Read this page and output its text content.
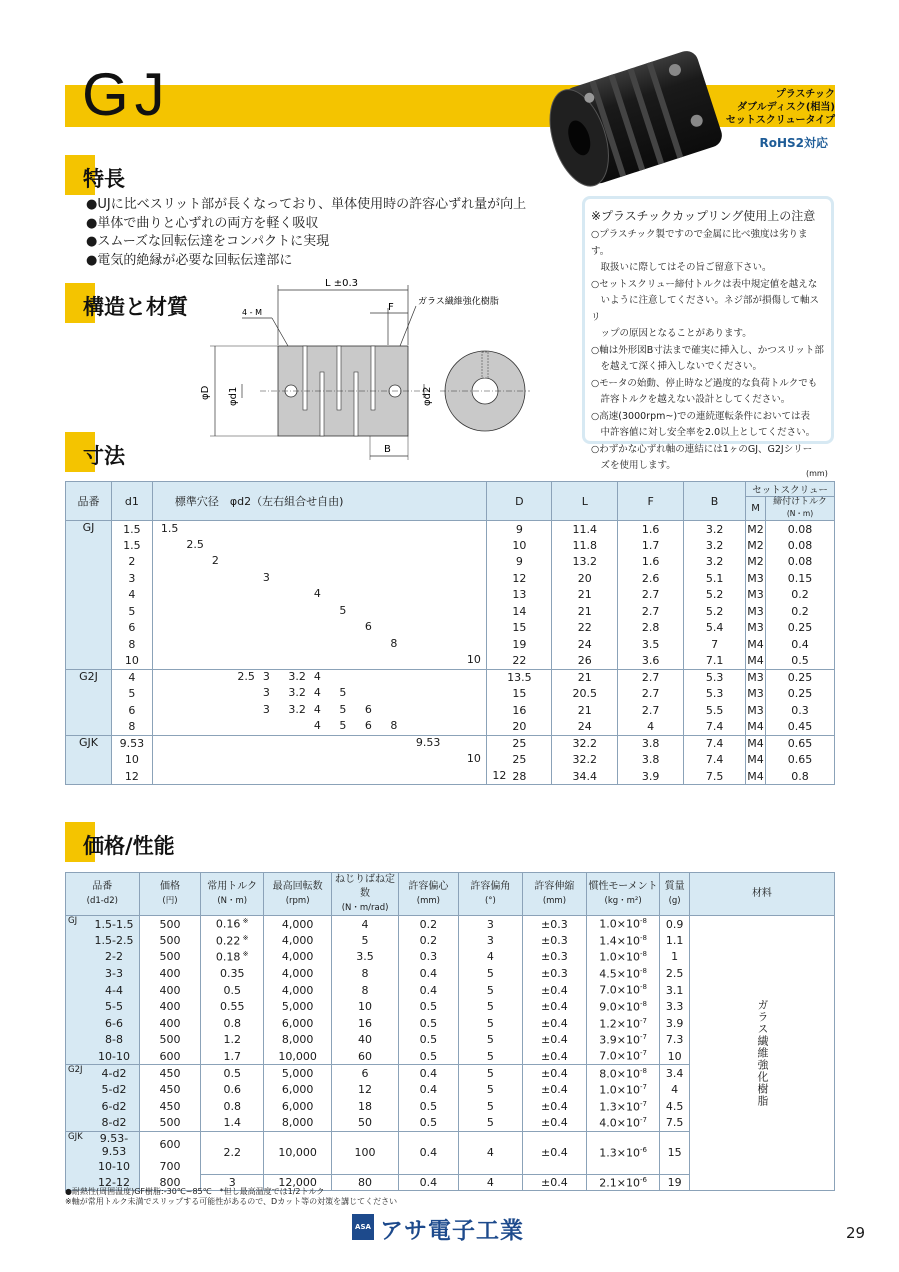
GJ	プラスチック
ダブルディスク(相当)
セットスクリュータイプ
RoHS2対応
特長
●UJに比べスリット部が長くなっており、単体使用時の許容心ずれ量が向上
●単体で曲りと心ずれの両方を軽く吸収
●スムーズな回転伝達をコンパクトに実現
●電気的絶縁が必要な回転伝達部に
構造と材質
L ±0.3
F	ガラス繊維強化樹脂
4 - M
φD φd1	φd2
B
※プラスチックカップリング使用上の注意
○プラスチック製ですので金属に比べ強度は劣ります。
　取扱いに際してはその旨ご留意下さい。
○セットスクリュー締付トルクは表中規定値を越えな
　いように注意してください。ネジ部が損傷して軸スリ
　ップの原因となることがあります。
○軸は外形図B寸法まで確実に挿入し、かつスリット部
　を越えて深く挿入しないでください。
○モータの始動、停止時など過度的な負荷トルクでも
　許容トルクを越えない設計としてください。
○高速(3000rpm~)での連続運転条件においては表
　中許容値に対し安全率を2.0以上としてください。
○わずかな心ずれ軸の連結には1ヶのGJ、G2Jシリー
　ズを使用します。
寸法
(mm)
品番	d1	標準穴径　φd2（左右組合せ自由)	D	L	F	B	セットスクリュー	
							M	締付けトルク
(N・m)
GJ	1.5	1.5	9	11.4	1.6	3.2	M2	0.08
	1.5	2.5	10	11.8	1.7	3.2	M2	0.08
	2	2	9	13.2	1.6	3.2	M2	0.08
	3	3	12	20	2.6	5.1	M3	0.15
	4	4	13	21	2.7	5.2	M3	0.2
	5	5	14	21	2.7	5.2	M3	0.2
	6	6	15	22	2.8	5.4	M3	0.25
	8	8	19	24	3.5	7	M4	0.4
	10	10	22	26	3.6	7.1	M4	0.5
G2J	4	2.5 3 3.2 4	13.5	21	2.7	5.3	M3	0.25
	5	3 3.2 4 5	15	20.5	2.7	5.3	M3	0.25
	6	3 3.2 4 5 6	16	21	2.7	5.5	M3	0.3
	8	4 5 6 8	20	24	4	7.4	M4	0.45
GJK	9.53	9.53	25	32.2	3.8	7.4	M4	0.65
	10	10	25	32.2	3.8	7.4	M4	0.65
	12	12	28	34.4	3.9	7.5	M4	0.8
価格/性能
品番
(d1-d2)		価格
(円)	常用トルク
(N・m)	最高回転数
(rpm)	ねじりばね定数
(N・m/rad)	許容偏心
(mm)	許容偏角
(°)	許容伸縮
(mm)	慣性モーメント
(kg・m²)	質量
(g)	材料
GJ	1.5-1.5	500	0.16 ※	4,000	4	0.2	3	±0.3	$1.0\times 10^{-8}$	0.9	ガラス繊維強化樹脂
	1.5-2.5	500	0.22 ※	4,000	5	0.2	3	±0.3	$1.4\times 10^{-8}$	1.1	
	2-2	500	0.18 ※	4,000	3.5	0.3	4	±0.3	$1.0\times 10^{-8}$	1	
	3-3	400	0.35	4,000	8	0.4	5	±0.3	$4.5\times 10^{-8}$	2.5	
	4-4	400	0.5	4,000	8	0.4	5	±0.4	$7.0\times 10^{-8}$	3.1	
	5-5	400	0.55	5,000	10	0.5	5	±0.4	$9.0\times 10^{-8}$	3.3	
	6-6	400	0.8	6,000	16	0.5	5	±0.4	$1.2\times 10^{-7}$	3.9	
	8-8	500	1.2	8,000	40	0.5	5	±0.4	$3.9\times 10^{-7}$	7.3	
	10-10	600	1.7	10,000	60	0.5	5	±0.4	$7.0\times 10^{-7}$	10	
G2J	4-d2	450	0.5	5,000	6	0.4	5	±0.4	$8.0\times 10^{-8}$	3.4	
	5-d2	450	0.6	6,000	12	0.4	5	±0.4	$1.0\times 10^{-7}$	4	
	6-d2	450	0.8	6,000	18	0.5	5	±0.4	$1.3\times 10^{-7}$	4.5	
	8-d2	500	1.4	8,000	50	0.5	5	±0.4	$4.0\times 10^{-7}$	7.5	
GJK	9.53-9.53	600	2.2	10,000	100	0.4	4	±0.4	$1.3\times 10^{-6}$	15	
	10-10	700									
	12-12	800	3	12,000	80	0.4	4	±0.4	$2.1\times 10^{-6}$	19	
●耐熱性(周囲温度)GF樹脂:-30℃~85℃　*但し最高温度では1/2トルク
※軸が常用トルク未満でスリップする可能性があるので、Dカット等の対策を講じてください
ASA アサ電子工業	29
